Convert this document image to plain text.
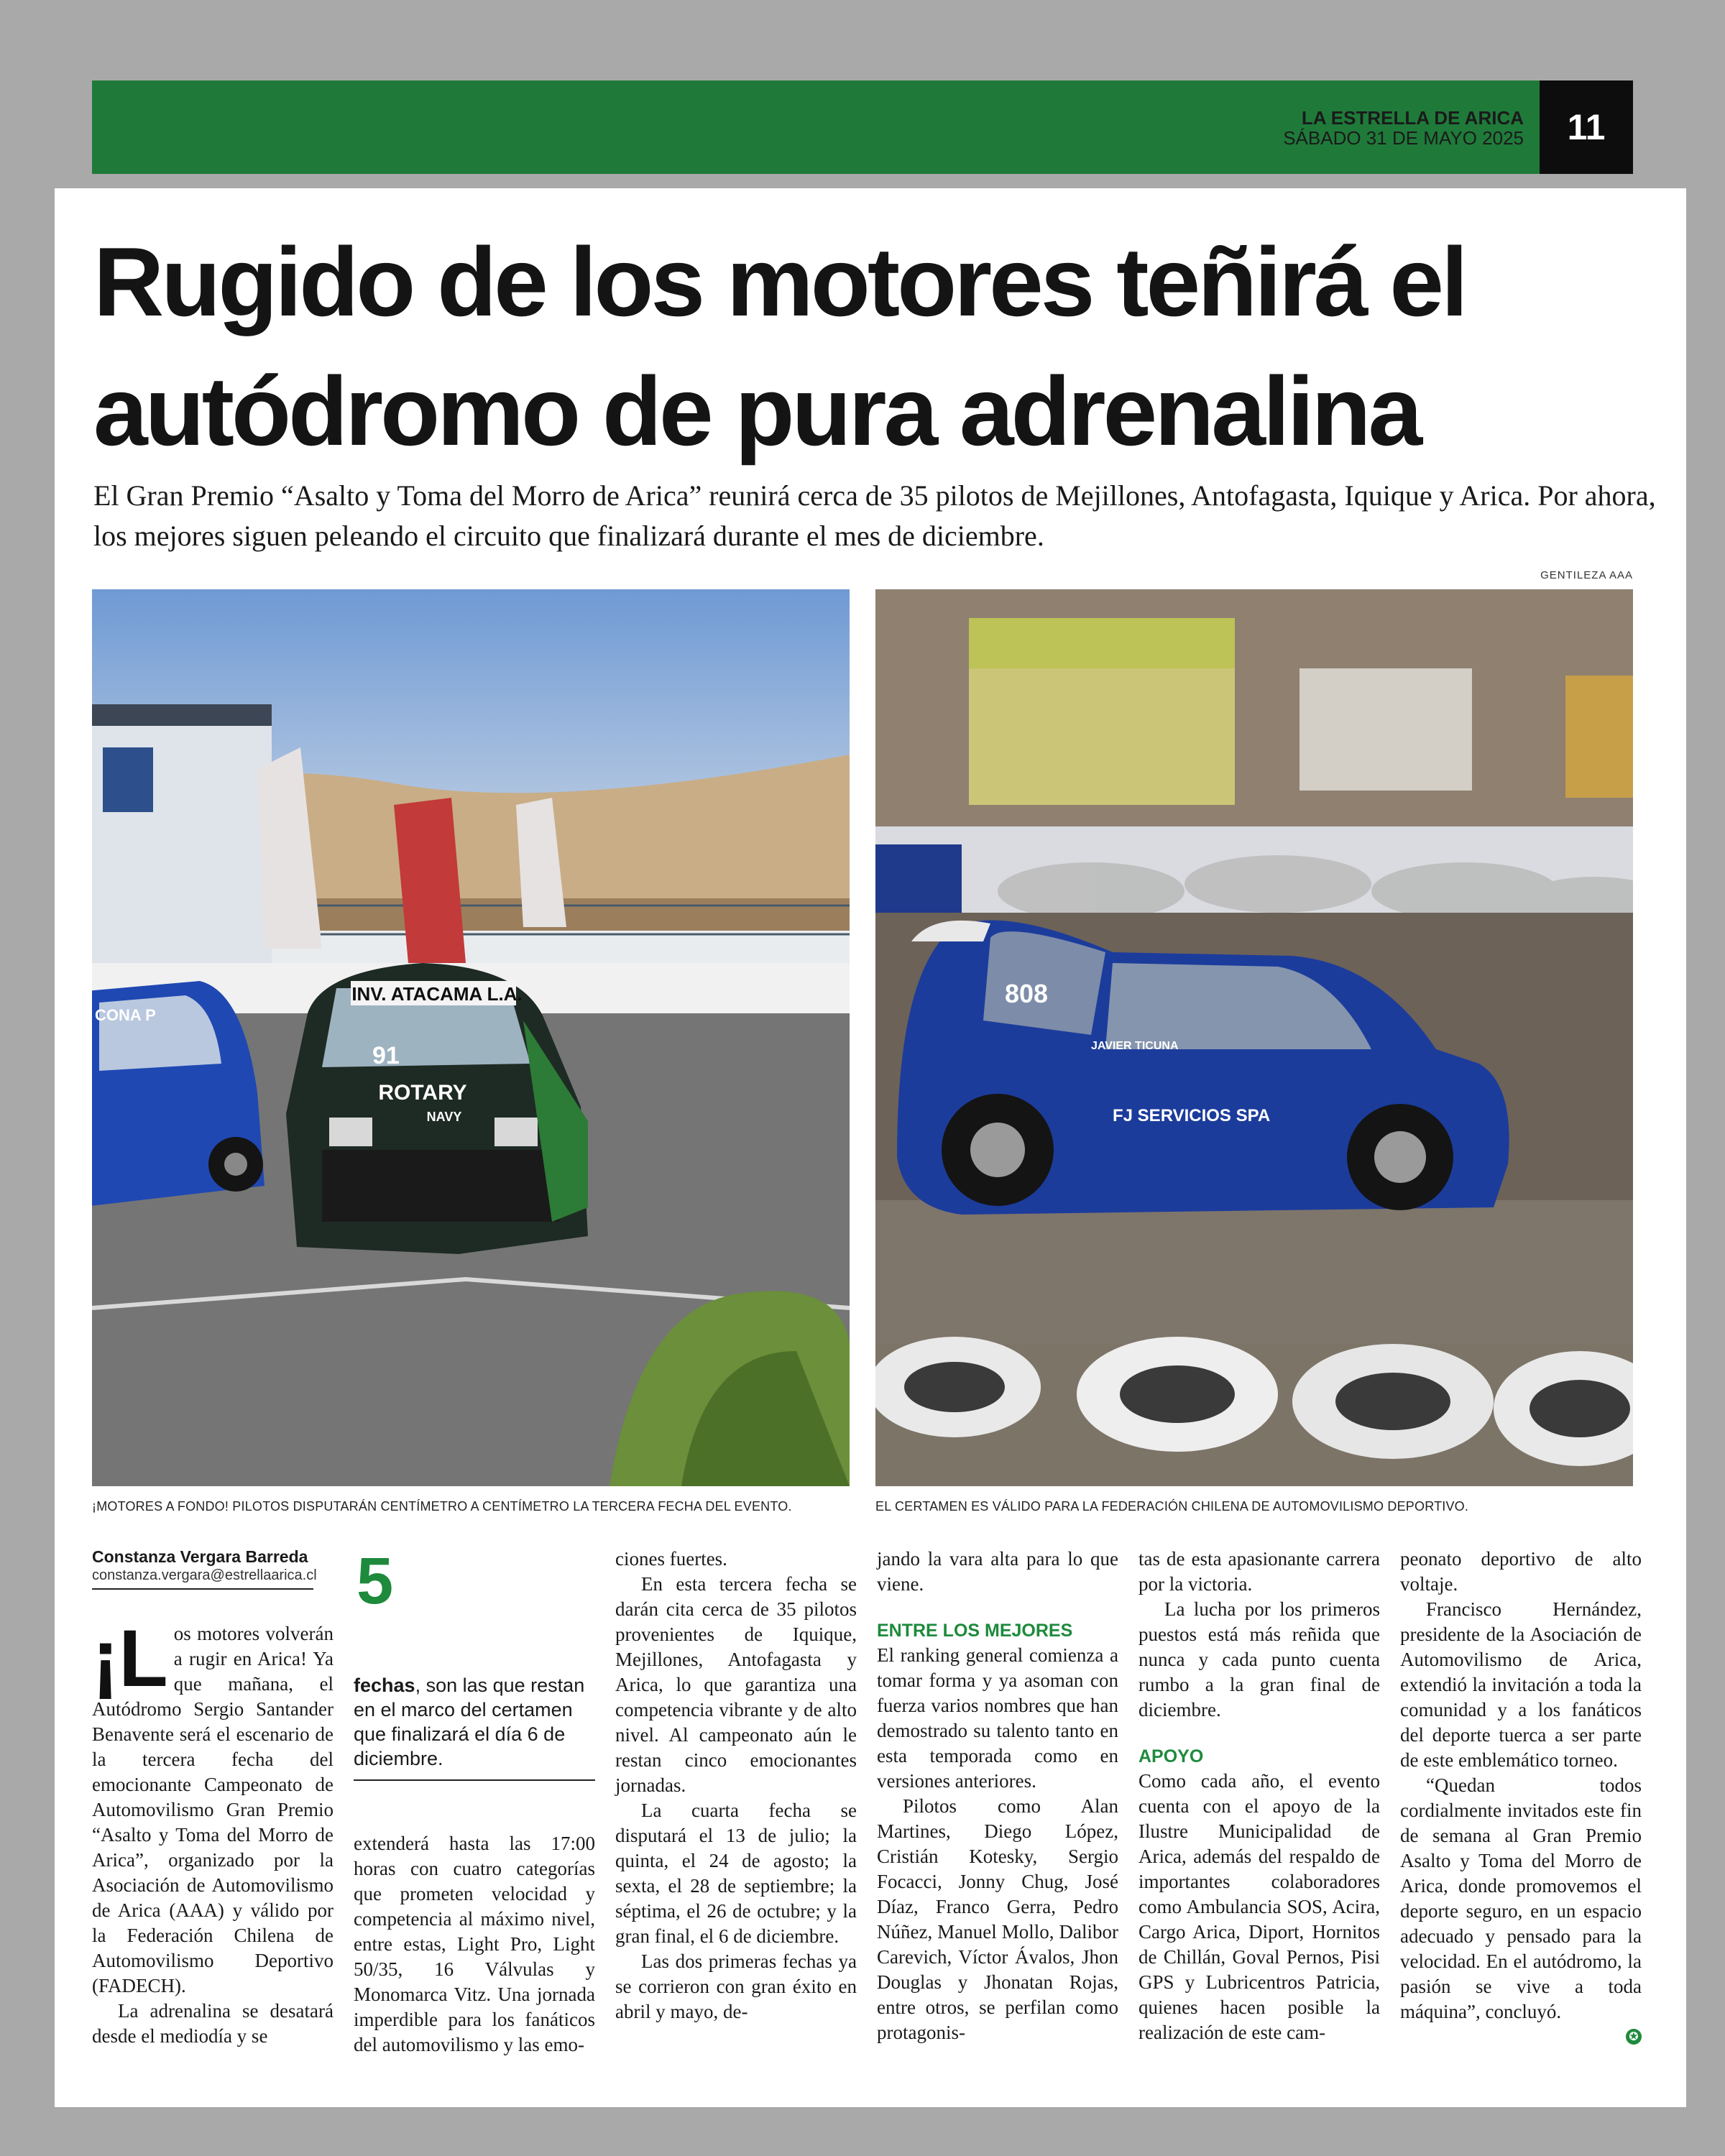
LA ESTRELLA DE ARICA
SÁBADO 31 DE MAYO 2025	11
Rugido de los motores teñirá el autódromo de pura adrenalina

El Gran Premio “Asalto y Toma del Morro de Arica” reunirá cerca de 35 pilotos de Mejillones, Antofagasta, Iquique y Arica. Por ahora, los mejores siguen peleando el circuito que finalizará durante el mes de diciembre.

GENTILEZA AAA
INV. ATACAMA L.A.
91
ROTARY
NAVY
CONA P
808
JAVIER TICUNA
FJ SERVICIOS SPA
¡MOTORES A FONDO! PILOTOS DISPUTARÁN CENTÍMETRO A CENTÍMETRO LA TERCERA FECHA DEL EVENTO.	EL CERTAMEN ES VÁLIDO PARA LA FEDERACIÓN CHILENA DE AUTOMOVILISMO DEPORTIVO.
Constanza Vergara Barreda
constanza.vergara@estrellaarica.cl
¡L os motores volverán a rugir en Arica! Ya que mañana, el Autódromo Sergio Santander Benavente será el escenario de la tercera fecha del emocionante Campeonato de Automovilismo Gran Premio “Asalto y Toma del Morro de Arica”, organizado por la Asociación de Automovilismo de Arica (AAA) y válido por la Federación Chilena de Automovilismo Deportivo (FADECH).

La adrenalina se desatará desde el mediodía y se

5
fechas, son las que restan en el marco del certamen que finalizará el día 6 de diciembre.

extenderá hasta las 17:00 horas con cuatro categorías que prometen velocidad y competencia al máximo nivel, entre estas, Light Pro, Light 50/35, 16 Válvulas y Monomarca Vitz. Una jornada imperdible para los fanáticos del automovilismo y las emo-

ciones fuertes.

En esta tercera fecha se darán cita cerca de 35 pilotos provenientes de Iquique, Mejillones, Antofagasta y Arica, lo que garantiza una competencia vibrante y de alto nivel. Al campeonato aún le restan cinco emocionantes jornadas.

La cuarta fecha se disputará el 13 de julio; la quinta, el 24 de agosto; la sexta, el 28 de septiembre; la séptima, el 26 de octubre; y la gran final, el 6 de diciembre.

Las dos primeras fechas ya se corrieron con gran éxito en abril y mayo, de-

jando la vara alta para lo que viene.

ENTRE LOS MEJORES

El ranking general comienza a tomar forma y ya asoman con fuerza varios nombres que han demostrado su talento tanto en esta temporada como en versiones anteriores.

Pilotos como Alan Martines, Diego López, Cristián Kotesky, Sergio Focacci, Jonny Chug, José Díaz, Franco Gerra, Pedro Núñez, Manuel Mollo, Dalibor Carevich, Víctor Ávalos, Jhon Douglas y Jhonatan Rojas, entre otros, se perfilan como protagonis-

tas de esta apasionante carrera por la victoria.

La lucha por los primeros puestos está más reñida que nunca y cada punto cuenta rumbo a la gran final de diciembre.

APOYO

Como cada año, el evento cuenta con el apoyo de la Ilustre Municipalidad de Arica, además del respaldo de importantes colaboradores como Ambulancia SOS, Acira, Cargo Arica, Diport, Hornitos de Chillán, Goval Pernos, Pisi GPS y Lubricentros Patricia, quienes hacen posible la realización de este cam-

peonato deportivo de alto voltaje.

Francisco Hernández, presidente de la Asociación de Automovilismo de Arica, extendió la invitación a toda la comunidad y a los fanáticos del deporte tuerca a ser parte de este emblemático torneo.

“Quedan todos cordialmente invitados este fin de semana al Gran Premio Asalto y Toma del Morro de Arica, donde promovemos el deporte seguro, en un espacio adecuado y pensado para la velocidad. En el autódromo, la pasión se vive a toda máquina”, concluyó.

✪
